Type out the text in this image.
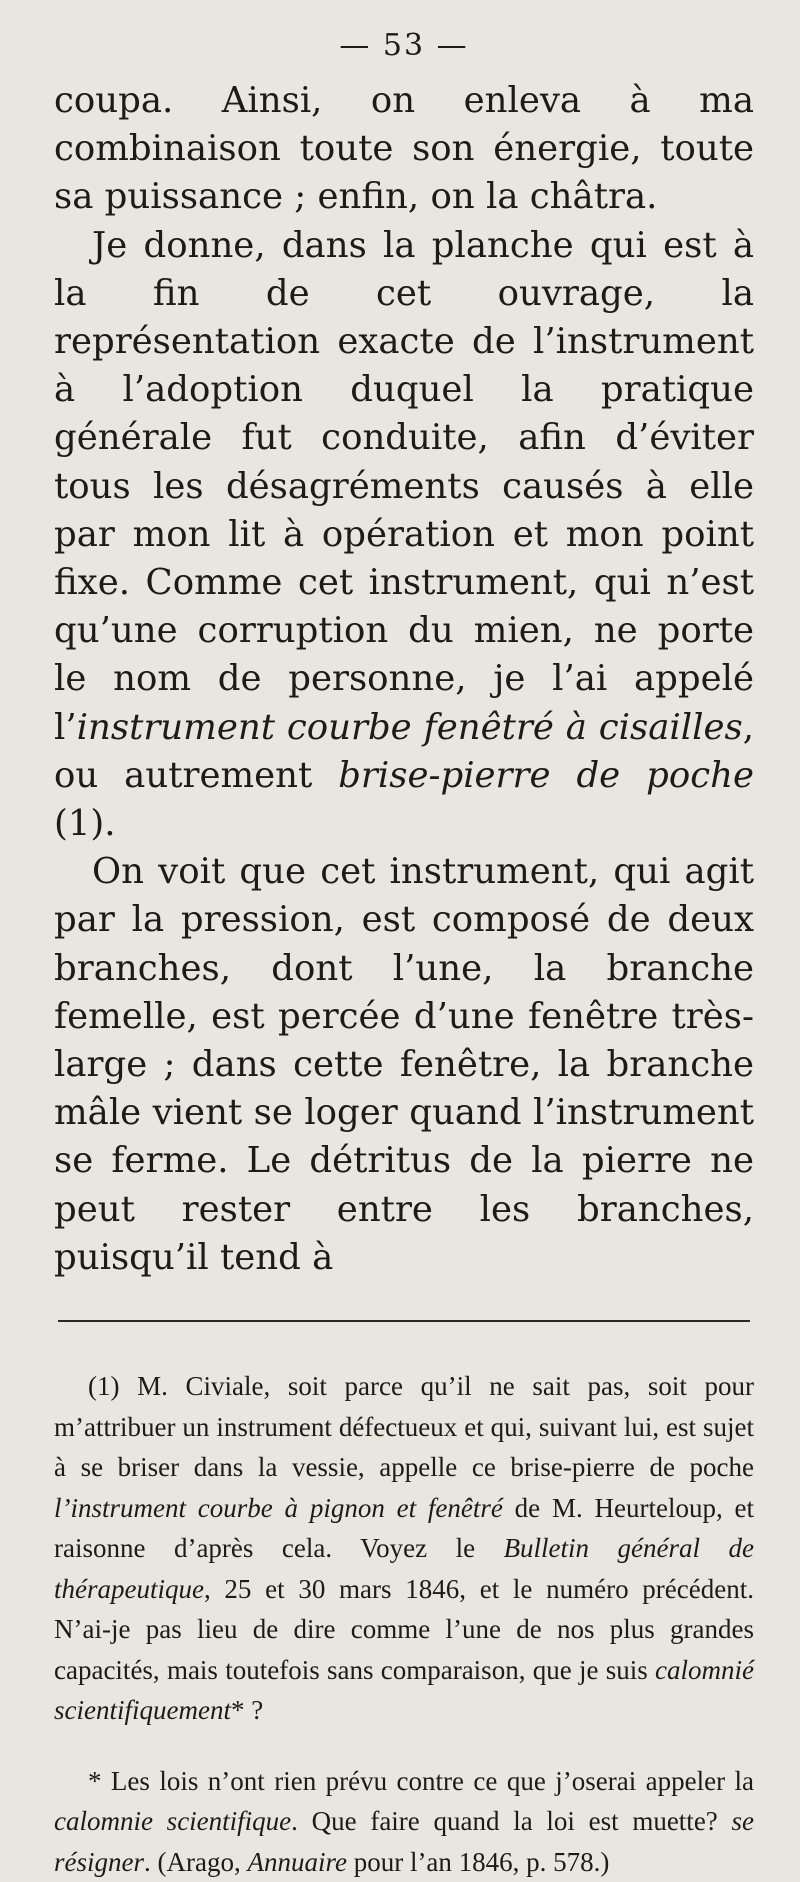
— 53 —

coupa. Ainsi, on enleva à ma combinaison toute son énergie, toute sa puissance ; enfin, on la châtra.

Je donne, dans la planche qui est à la fin de cet ouvrage, la représentation exacte de l’instrument à l’adoption duquel la pratique générale fut conduite, afin d’éviter tous les désagréments causés à elle par mon lit à opération et mon point fixe. Comme cet instrument, qui n’est qu’une corruption du mien, ne porte le nom de personne, je l’ai appelé l’instrument courbe fenêtré à cisailles, ou autrement brise-pierre de poche (1).

On voit que cet instrument, qui agit par la pression, est composé de deux branches, dont l’une, la branche femelle, est percée d’une fenêtre très-large ; dans cette fenêtre, la branche mâle vient se loger quand l’instrument se ferme. Le détritus de la pierre ne peut rester entre les branches, puisqu’il tend à

(1) M. Civiale, soit parce qu’il ne sait pas, soit pour m’attribuer un instrument défectueux et qui, suivant lui, est sujet à se briser dans la vessie, appelle ce brise-pierre de poche l’instrument courbe à pignon et fenêtré de M. Heurteloup, et raisonne d’après cela. Voyez le Bulletin général de thérapeutique, 25 et 30 mars 1846, et le numéro précédent. N’ai-je pas lieu de dire comme l’une de nos plus grandes capacités, mais toutefois sans comparaison, que je suis calomnié scientifiquement* ?

* Les lois n’ont rien prévu contre ce que j’oserai appeler la calomnie scientifique. Que faire quand la loi est muette? se résigner. (Arago, Annuaire pour l’an 1846, p. 578.)
